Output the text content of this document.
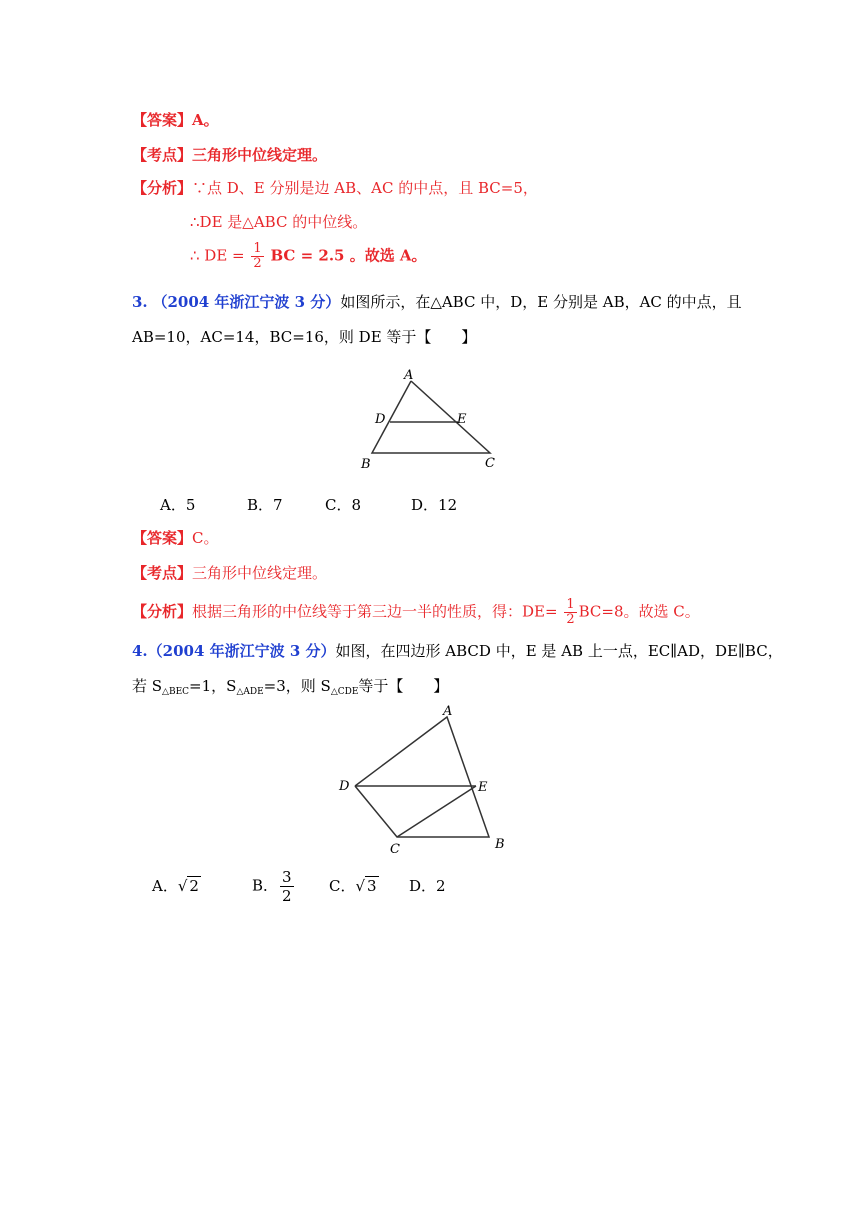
【答案】A。
【考点】三角形中位线定理。
【分析】∵点 D、E 分别是边 AB、AC 的中点，且 BC=5，
∴DE 是△ABC 的中位线。
∴ DE = $\frac{1}{2}$ BC = 2.5 。故选 A。
3. （2004 年浙江宁波 3 分）如图所示，在△ABC 中，D，E 分别是 AB，AC 的中点，且
AB=10，AC=14，BC=16，则 DE 等于【　　】
A
D	E
B	C
A．5	B．7	C．8	D．12
【答案】C。
【考点】三角形中位线定理。
【分析】根据三角形的中位线等于第三边一半的性质，得：$DE= \frac{1}{2} BC=8$。故选 C。
4.（2004 年浙江宁波 3 分）如图，在四边形 ABCD 中，E 是 AB 上一点，EC∥AD，DE∥BC，
若 $S_{\triangle BEC}=1$，$S_{\triangle ADE}=3$，则 $S_{\triangle CDE}$等于【　　】
A
D	E
C	B
A．√ 2	B． $\frac{3}{2}$ C．√ 3 D．2
